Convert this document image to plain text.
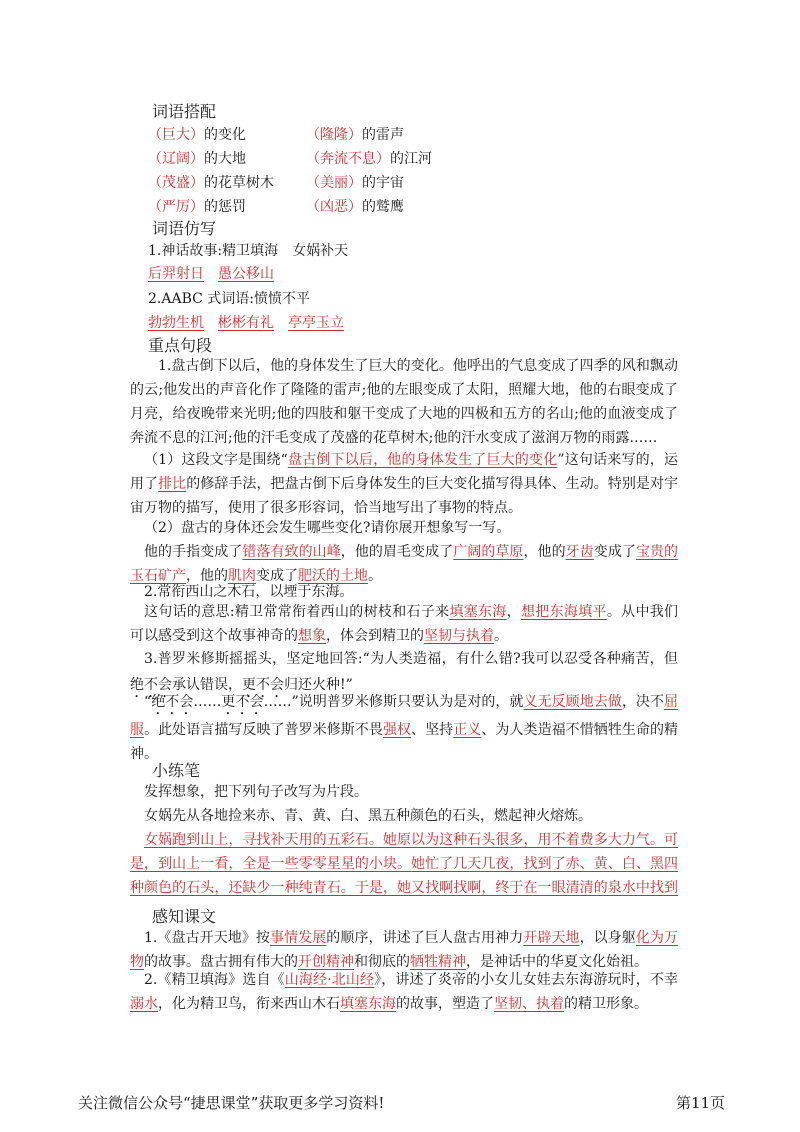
词语搭配
（巨大）的变化	（隆隆）的雷声
（辽阔）的大地	（奔流不息）的江河
（茂盛）的花草树木 （美丽）的宇宙
（严厉）的惩罚	（凶恶）的鹫鹰
词语仿写
1.神话故事:精卫填海　女娲补天
后羿射日　 愚公移山
2.AABC 式词语:愤愤不平
勃勃生机　 彬彬有礼　 亭亭玉立
重点句段
1.盘古倒下以后，他的身体发生了巨大的变化。他呼出的气息变成了四季的风和飘动的云;他发出的声音化作了隆隆的雷声;他的左眼变成了太阳，照耀大地，他的右眼变成了月亮，给夜晚带来光明;他的四肢和躯干变成了大地的四极和五方的名山;他的血液变成了奔流不息的江河;他的汗毛变成了茂盛的花草树木;他的汗水变成了滋润万物的雨露……
（1）这段文字是围绕“盘古倒下以后，他的身体发生了巨大的变化”这句话来写的，运用了排比的修辞手法，把盘古倒下后身体发生的巨大变化描写得具体、生动。特别是对宇宙万物的描写，使用了很多形容词，恰当地写出了事物的特点。
（2）盘古的身体还会发生哪些变化?请你展开想象写一写。
他的手指变成了错落有致的山峰，他的眉毛变成了广阔的草原，他的牙齿变成了宝贵的玉石矿产，他的肌肉变成了肥沃的土地。
2.常衔西山之木石，以堙于东海。
这句话的意思:精卫常常衔着西山的树枝和石子来填塞东海，想把东海填平。从中我们可以感受到这个故事神奇的想象，体会到精卫的坚韧与执着。
3.普罗米修斯摇摇头，坚定地回答:“为人类造福，有什么错?我可以忍受各种痛苦，但绝不会承认错误，更不会归还火种!”
“绝不会……更不会……”说明普罗米修斯只要认为是对的，就义无反顾地去做，决不屈服。此处语言描写反映了普罗米修斯不畏强权、坚持正义、为人类造福不惜牺牲生命的精神。
小练笔
发挥想象，把下列句子改写为片段。
女娲先从各地捡来赤、青、黄、白、黑五种颜色的石头，燃起神火熔炼。
女娲跑到山上，寻找补天用的五彩石。她原以为这种石头很多，用不着费多大力气。可是，到山上一看，全是一些零零星星的小块。她忙了几天几夜，找到了赤、黄、白、黑四种颜色的石头，还缺少一种纯青石。于是，她又找啊找啊，终于在一眼清清的泉水中找到
感知课文
1.《盘古开天地》按事情发展的顺序，讲述了巨人盘古用神力开辟天地，以身躯化为万物的故事。盘古拥有伟大的开创精神和彻底的牺牲精神，是神话中的华夏文化始祖。
2.《精卫填海》选自《山海经·北山经》，讲述了炎帝的小女儿女娃去东海游玩时，不幸溺水，化为精卫鸟，衔来西山木石填塞东海的故事，塑造了坚韧、执着的精卫形象。
关注微信公众号“捷思课堂”获取更多学习资料!	第11页
